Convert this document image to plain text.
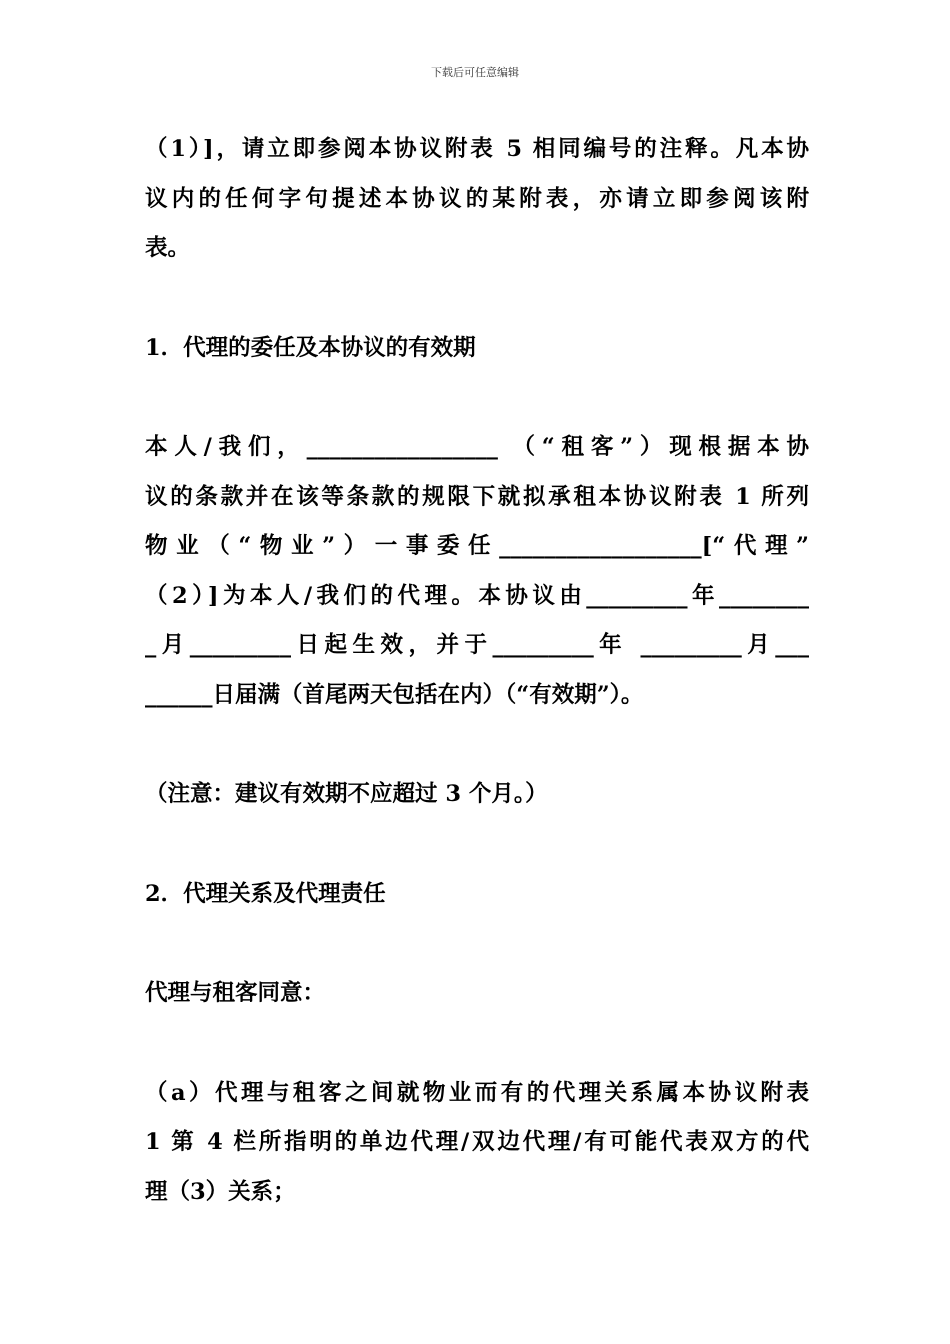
下载后可任意编辑

（1）]，请立即参阅本协议附表 5 相同编号的注释。凡本协

议内的任何字句提述本协议的某附表，亦请立即参阅该附

表。

1．代理的委任及本协议的有效期

本人/我们，_________________ （“租客”）现根据本协

议的条款并在该等条款的规限下就拟承租本协议附表 1 所列

物业（“物业”）一事委任__________________[“代理”

（2）]为本人/我们的代理。本协议由_________年________

_月_________日起生效，并于_________年 _________月___

______日届满（首尾两天包括在内）（“有效期”）。

（注意：建议有效期不应超过 3 个月。）

2．代理关系及代理责任

代理与租客同意：

（a）代理与租客之间就物业而有的代理关系属本协议附表

1 第 4 栏所指明的单边代理/双边代理/有可能代表双方的代

理（3）关系；
